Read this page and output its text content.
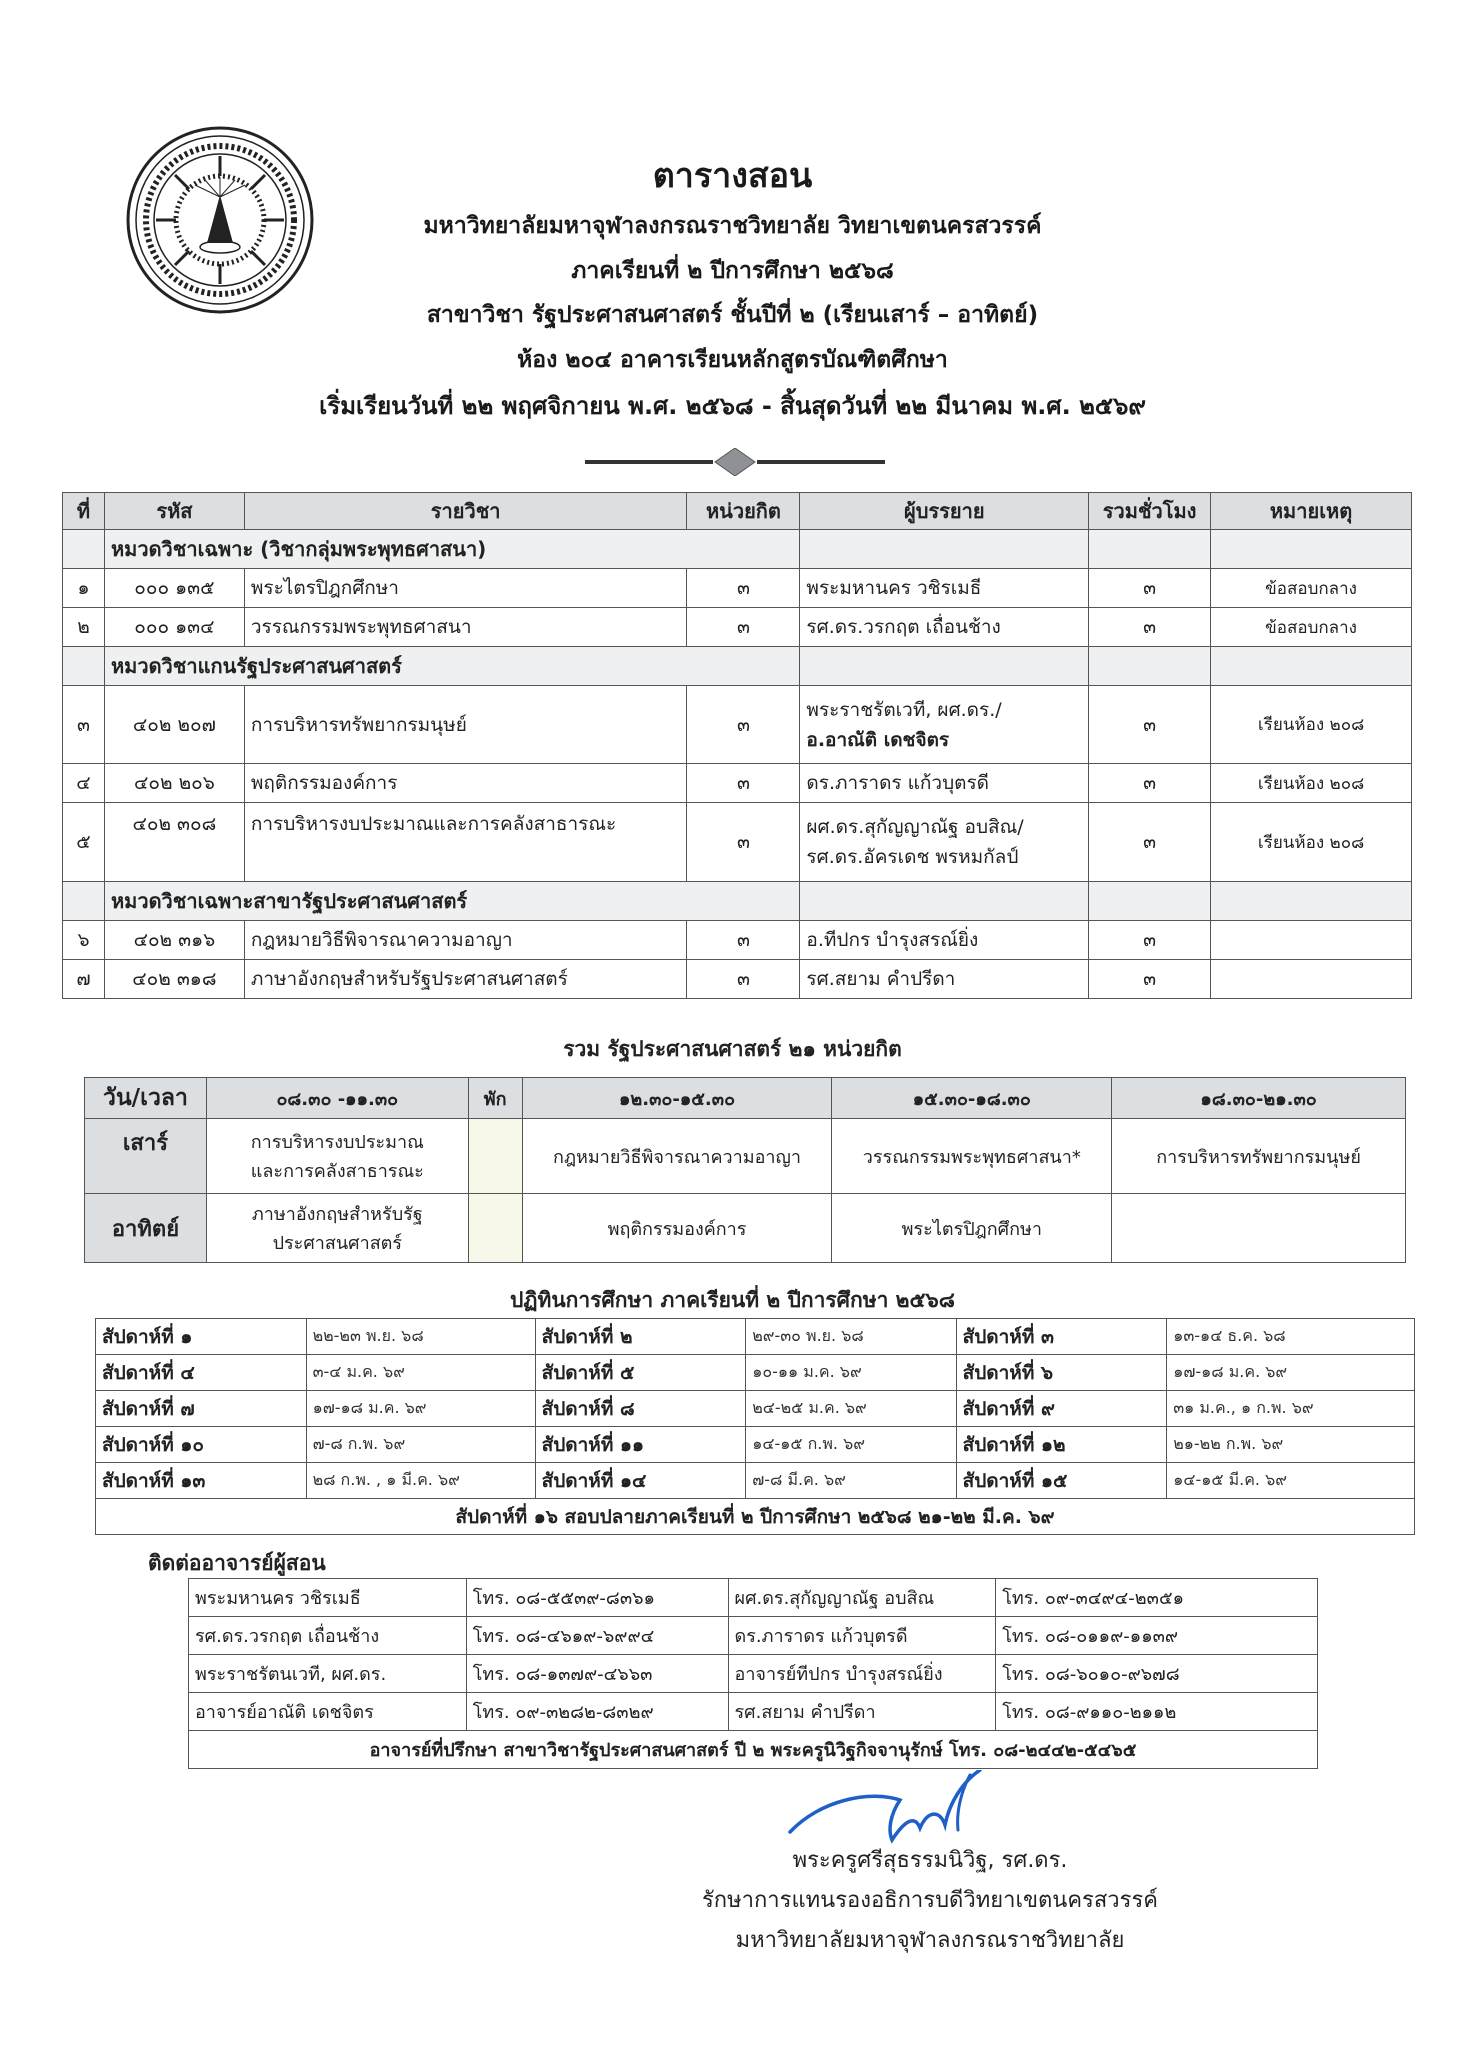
ตารางสอน
มหาวิทยาลัยมหาจุฬาลงกรณราชวิทยาลัย วิทยาเขตนครสวรรค์
ภาคเรียนที่ ๒ ปีการศึกษา ๒๕๖๘
สาขาวิชา รัฐประศาสนศาสตร์ ชั้นปีที่ ๒ (เรียนเสาร์ – อาทิตย์)
ห้อง ๒๐๔ อาคารเรียนหลักสูตรบัณฑิตศึกษา
เริ่มเรียนวันที่ ๒๒ พฤศจิกายน พ.ศ. ๒๕๖๘ - สิ้นสุดวันที่ ๒๒ มีนาคม พ.ศ. ๒๕๖๙
ที่	รหัส	รายวิชา	หน่วยกิต	ผู้บรรยาย	รวมชั่วโมง	หมายเหตุ
	หมวดวิชาเฉพาะ (วิชากลุ่มพระพุทธศาสนา)					
๑	๐๐๐ ๑๓๕	พระไตรปิฎกศึกษา	๓	พระมหานคร วชิรเมธี	๓	ข้อสอบกลาง
๒	๐๐๐ ๑๓๔	วรรณกรรมพระพุทธศาสนา	๓	รศ.ดร.วรกฤต เถื่อนช้าง	๓	ข้อสอบกลาง
	หมวดวิชาแกนรัฐประศาสนศาสตร์					
๓	๔๐๒ ๒๐๗	การบริหารทรัพยากรมนุษย์	๓	พระราชรัตเวที, ผศ.ดร./
อ.อาณัติ เดชจิตร	๓	เรียนห้อง ๒๐๘
๔	๔๐๒ ๒๐๖	พฤติกรรมองค์การ	๓	ดร.ภาราดร แก้วบุตรดี	๓	เรียนห้อง ๒๐๘
๕	๔๐๒ ๓๐๘	การบริหารงบประมาณและการคลังสาธารณะ	๓	ผศ.ดร.สุกัญญาณัฐ อบสิณ/
รศ.ดร.อัครเดช พรหมกัลป์	๓	เรียนห้อง ๒๐๘
	หมวดวิชาเฉพาะสาขารัฐประศาสนศาสตร์					
๖	๔๐๒ ๓๑๖	กฎหมายวิธีพิจารณาความอาญา	๓	อ.ทีปกร บำรุงสรณ์ยิ่ง	๓	
๗	๔๐๒ ๓๑๘	ภาษาอังกฤษสำหรับรัฐประศาสนศาสตร์	๓	รศ.สยาม คำปรีดา	๓	
รวม รัฐประศาสนศาสตร์ ๒๑ หน่วยกิต
วัน/เวลา	๐๘.๓๐ -๑๑.๓๐	พัก	๑๒.๓๐-๑๕.๓๐	๑๕.๓๐-๑๘.๓๐	๑๘.๓๐-๒๑.๓๐
เสาร์	การบริหารงบประมาณ
และการคลังสาธารณะ		กฎหมายวิธีพิจารณาความอาญา	วรรณกรรมพระพุทธศาสนา*	การบริหารทรัพยากรมนุษย์
อาทิตย์	ภาษาอังกฤษสำหรับรัฐ
ประศาสนศาสตร์		พฤติกรรมองค์การ	พระไตรปิฎกศึกษา	
ปฏิทินการศึกษา ภาคเรียนที่ ๒ ปีการศึกษา ๒๕๖๘
สัปดาห์ที่ ๑	๒๒-๒๓ พ.ย. ๖๘	สัปดาห์ที่ ๒	๒๙-๓๐ พ.ย. ๖๘	สัปดาห์ที่ ๓	๑๓-๑๔ ธ.ค. ๖๘
สัปดาห์ที่ ๔	๓-๔ ม.ค. ๖๙	สัปดาห์ที่ ๕	๑๐-๑๑ ม.ค. ๖๙	สัปดาห์ที่ ๖	๑๗-๑๘ ม.ค. ๖๙
สัปดาห์ที่ ๗	๑๗-๑๘ ม.ค. ๖๙	สัปดาห์ที่ ๘	๒๔-๒๕ ม.ค. ๖๙	สัปดาห์ที่ ๙	๓๑ ม.ค., ๑ ก.พ. ๖๙
สัปดาห์ที่ ๑๐	๗-๘ ก.พ. ๖๙	สัปดาห์ที่ ๑๑	๑๔-๑๕ ก.พ. ๖๙	สัปดาห์ที่ ๑๒	๒๑-๒๒ ก.พ. ๖๙
สัปดาห์ที่ ๑๓	๒๘ ก.พ. , ๑ มี.ค. ๖๙	สัปดาห์ที่ ๑๔	๗-๘ มี.ค. ๖๙	สัปดาห์ที่ ๑๕	๑๔-๑๕ มี.ค. ๖๙
สัปดาห์ที่ ๑๖ สอบปลายภาคเรียนที่ ๒ ปีการศึกษา ๒๕๖๘ ๒๑-๒๒ มี.ค. ๖๙					
ติดต่ออาจารย์ผู้สอน
พระมหานคร วชิรเมธี	โทร. ๐๘-๕๕๓๙-๘๓๖๑	ผศ.ดร.สุกัญญาณัฐ อบสิณ	โทร. ๐๙-๓๔๙๔-๒๓๕๑
รศ.ดร.วรกฤต เถื่อนช้าง	โทร. ๐๘-๔๖๑๙-๖๙๙๔	ดร.ภาราดร แก้วบุตรดี	โทร. ๐๘-๐๑๑๙-๑๑๓๙
พระราชรัตนเวที, ผศ.ดร.	โทร. ๐๘-๑๓๗๙-๔๖๖๓	อาจารย์ทีปกร บำรุงสรณ์ยิ่ง	โทร. ๐๘-๖๐๑๐-๙๖๗๘
อาจารย์อาณัติ เดชจิตร	โทร. ๐๙-๓๒๘๒-๘๓๒๙	รศ.สยาม คำปรีดา	โทร. ๐๘-๙๑๑๐-๒๑๑๒
อาจารย์ที่ปรึกษา สาขาวิชารัฐประศาสนศาสตร์ ปี ๒ พระครูนิวิฐกิจจานุรักษ์ โทร. ๐๘-๒๔๔๒-๕๔๖๕			
พระครูศรีสุธรรมนิวิฐ, รศ.ดร.
รักษาการแทนรองอธิการบดีวิทยาเขตนครสวรรค์
มหาวิทยาลัยมหาจุฬาลงกรณราชวิทยาลัย
